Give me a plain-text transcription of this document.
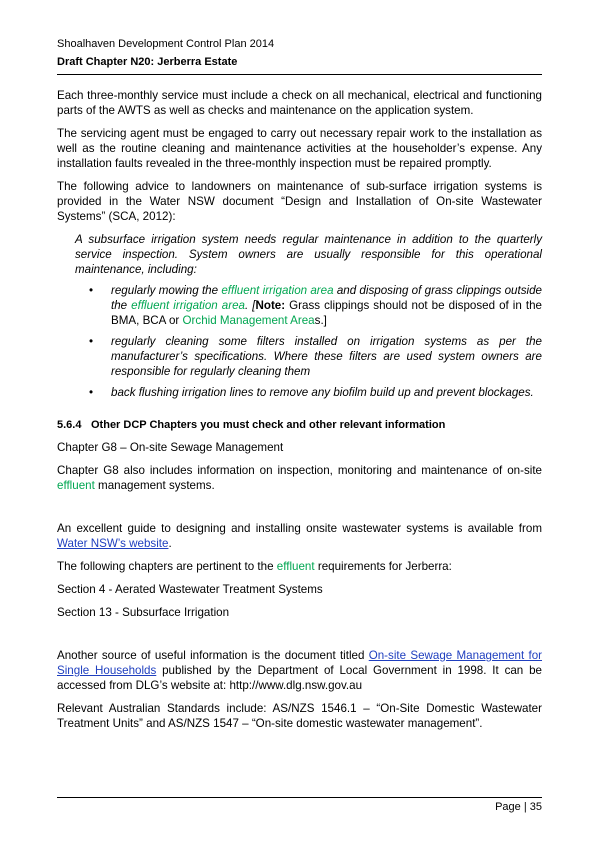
Shoalhaven Development Control Plan 2014
Draft Chapter N20: Jerberra Estate

Each three-monthly service must include a check on all mechanical, electrical and functioning parts of the AWTS as well as checks and maintenance on the application system.

The servicing agent must be engaged to carry out necessary repair work to the installation as well as the routine cleaning and maintenance activities at the householder’s expense. Any installation faults revealed in the three-monthly inspection must be repaired promptly.

The following advice to landowners on maintenance of sub-surface irrigation systems is provided in the Water NSW document “Design and Installation of On-site Wastewater Systems” (SCA, 2012):

A subsurface irrigation system needs regular maintenance in addition to the quarterly service inspection. System owners are usually responsible for this operational maintenance, including:

• regularly mowing the effluent irrigation area and disposing of grass clippings outside the effluent irrigation area. [Note: Grass clippings should not be disposed of in the BMA, BCA or Orchid Management Areas.]
• regularly cleaning some filters installed on irrigation systems as per the manufacturer’s specifications. Where these filters are used system owners are responsible for regularly cleaning them
• back flushing irrigation lines to remove any biofilm build up and prevent blockages.
5.6.4 Other DCP Chapters you must check and other relevant information

Chapter G8 – On-site Sewage Management

Chapter G8 also includes information on inspection, monitoring and maintenance of on-site effluent management systems.

An excellent guide to designing and installing onsite wastewater systems is available from Water NSW’s website.

The following chapters are pertinent to the effluent requirements for Jerberra:

Section 4 - Aerated Wastewater Treatment Systems

Section 13 - Subsurface Irrigation

Another source of useful information is the document titled On-site Sewage Management for Single Households published by the Department of Local Government in 1998. It can be accessed from DLG’s website at: http://www.dlg.nsw.gov.au

Relevant Australian Standards include: AS/NZS 1546.1 – “On-Site Domestic Wastewater Treatment Units” and AS/NZS 1547 – “On-site domestic wastewater management”.

Page | 35
